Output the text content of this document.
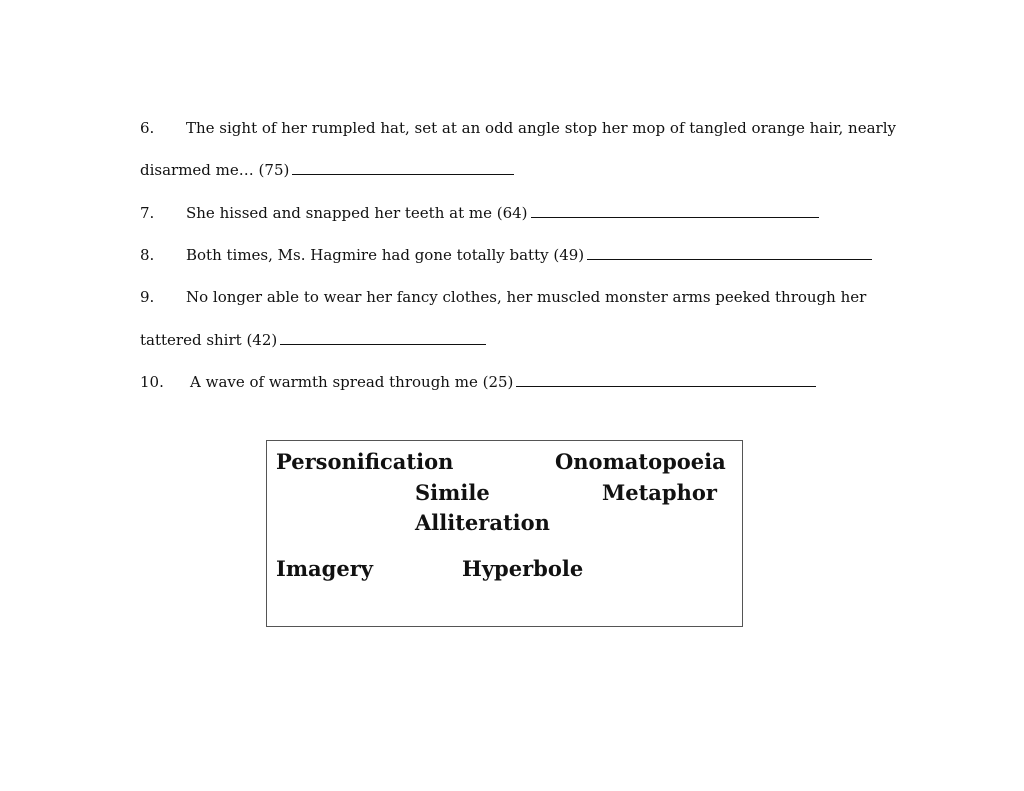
6. The sight of her rumpled hat, set at an odd angle stop her mop of tangled orange hair, nearly
disarmed me… (75)
7. She hissed and snapped her teeth at me (64)
8. Both times, Ms. Hagmire had gone totally batty (49)
9. No longer able to wear her fancy clothes, her muscled monster arms peeked through her
tattered shirt (42)
10. A wave of warmth spread through me (25)
Personification	Onomatopoeia
Simile	Metaphor
Alliteration
Imagery	Hyperbole
